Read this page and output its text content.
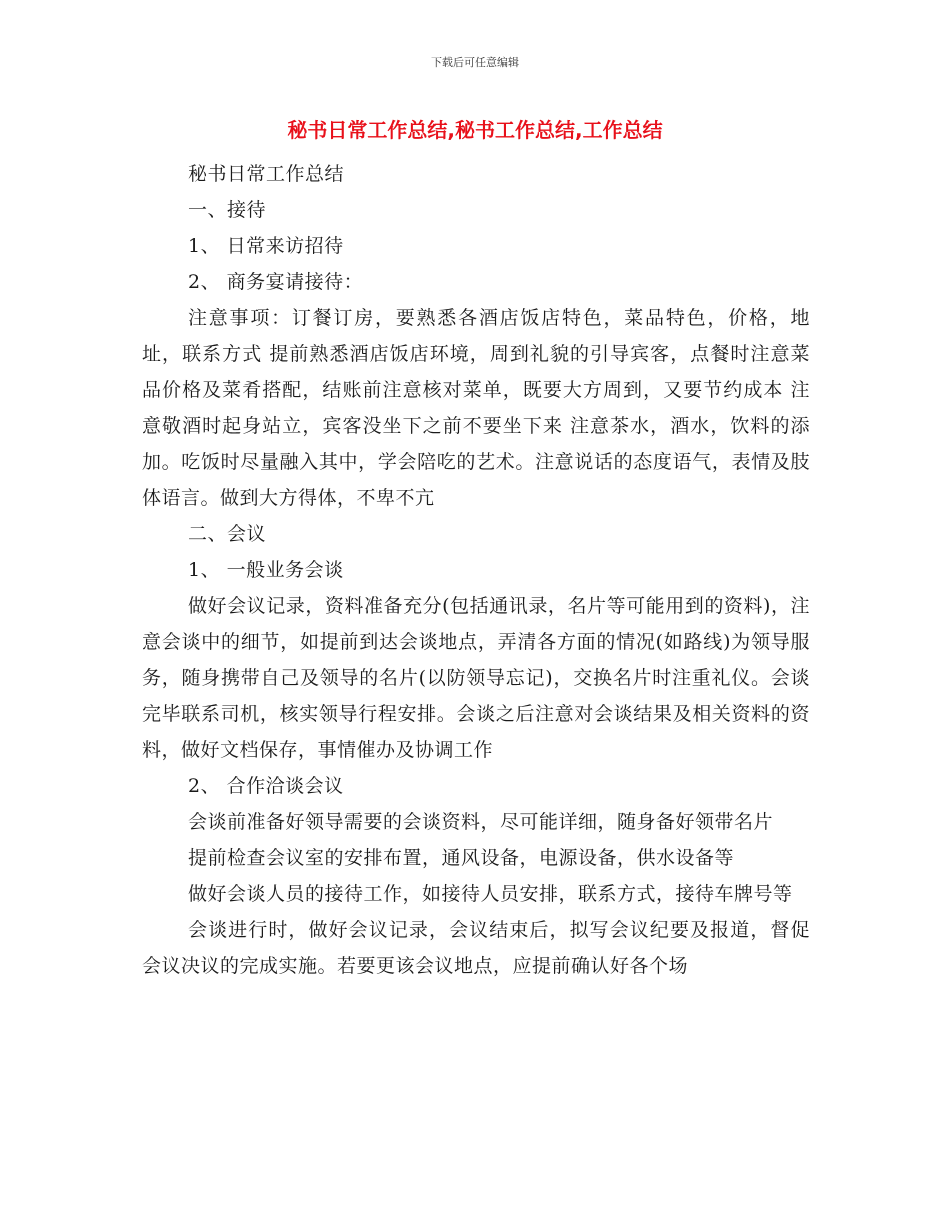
下载后可任意编辑
秘书日常工作总结,秘书工作总结,工作总结

秘书日常工作总结

一、接待

1、 日常来访招待

2、 商务宴请接待：

注意事项：订餐订房，要熟悉各酒店饭店特色，菜品特色，价格，地址，联系方式 提前熟悉酒店饭店环境，周到礼貌的引导宾客，点餐时注意菜品价格及菜肴搭配，结账前注意核对菜单，既要大方周到，又要节约成本 注意敬酒时起身站立，宾客没坐下之前不要坐下来 注意茶水，酒水，饮料的添加。吃饭时尽量融入其中，学会陪吃的艺术。注意说话的态度语气，表情及肢体语言。做到大方得体，不卑不亢

二、会议

1、 一般业务会谈

做好会议记录，资料准备充分(包括通讯录，名片等可能用到的资料)，注意会谈中的细节，如提前到达会谈地点，弄清各方面的情况(如路线)为领导服务，随身携带自己及领导的名片(以防领导忘记)，交换名片时注重礼仪。会谈完毕联系司机，核实领导行程安排。会谈之后注意对会谈结果及相关资料的资料，做好文档保存，事情催办及协调工作

2、 合作洽谈会议

会谈前准备好领导需要的会谈资料，尽可能详细，随身备好领带名片

提前检查会议室的安排布置，通风设备，电源设备，供水设备等

做好会谈人员的接待工作，如接待人员安排，联系方式，接待车牌号等

会谈进行时，做好会议记录，会议结束后，拟写会议纪要及报道，督促会议决议的完成实施。若要更该会议地点，应提前确认好各个场
